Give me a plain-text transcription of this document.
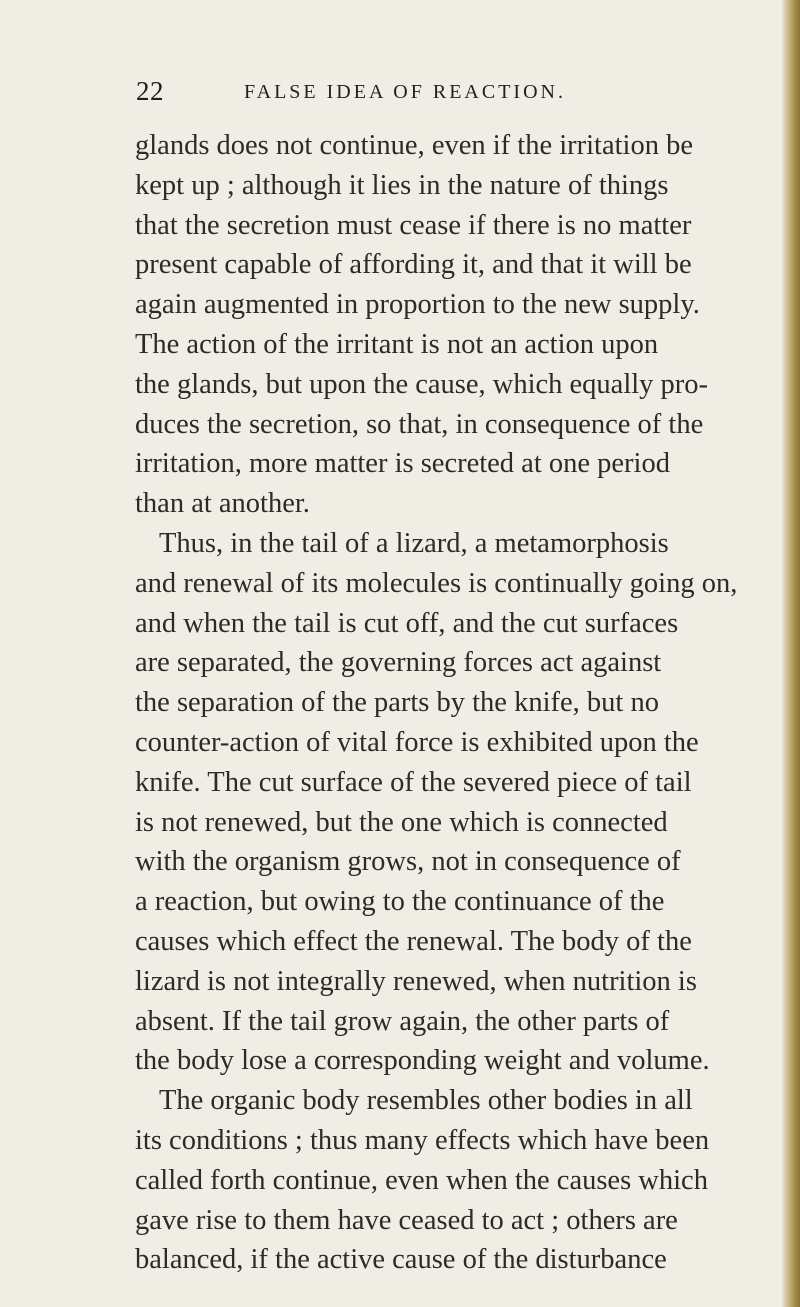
22	FALSE IDEA OF REACTION.
glands does not continue, even if the irritation be
kept up ; although it lies in the nature of things
that the secretion must cease if there is no matter
present capable of affording it, and that it will be
again augmented in proportion to the new supply.
The action of the irritant is not an action upon
the glands, but upon the cause, which equally pro-
duces the secretion, so that, in consequence of the
irritation, more matter is secreted at one period
than at another.
Thus, in the tail of a lizard, a metamorphosis
and renewal of its molecules is continually going on,
and when the tail is cut off, and the cut surfaces
are separated, the governing forces act against
the separation of the parts by the knife, but no
counter-action of vital force is exhibited upon the
knife. The cut surface of the severed piece of tail
is not renewed, but the one which is connected
with the organism grows, not in consequence of
a reaction, but owing to the continuance of the
causes which effect the renewal. The body of the
lizard is not integrally renewed, when nutrition is
absent. If the tail grow again, the other parts of
the body lose a corresponding weight and volume.
The organic body resembles other bodies in all
its conditions ; thus many effects which have been
called forth continue, even when the causes which
gave rise to them have ceased to act ; others are
balanced, if the active cause of the disturbance
